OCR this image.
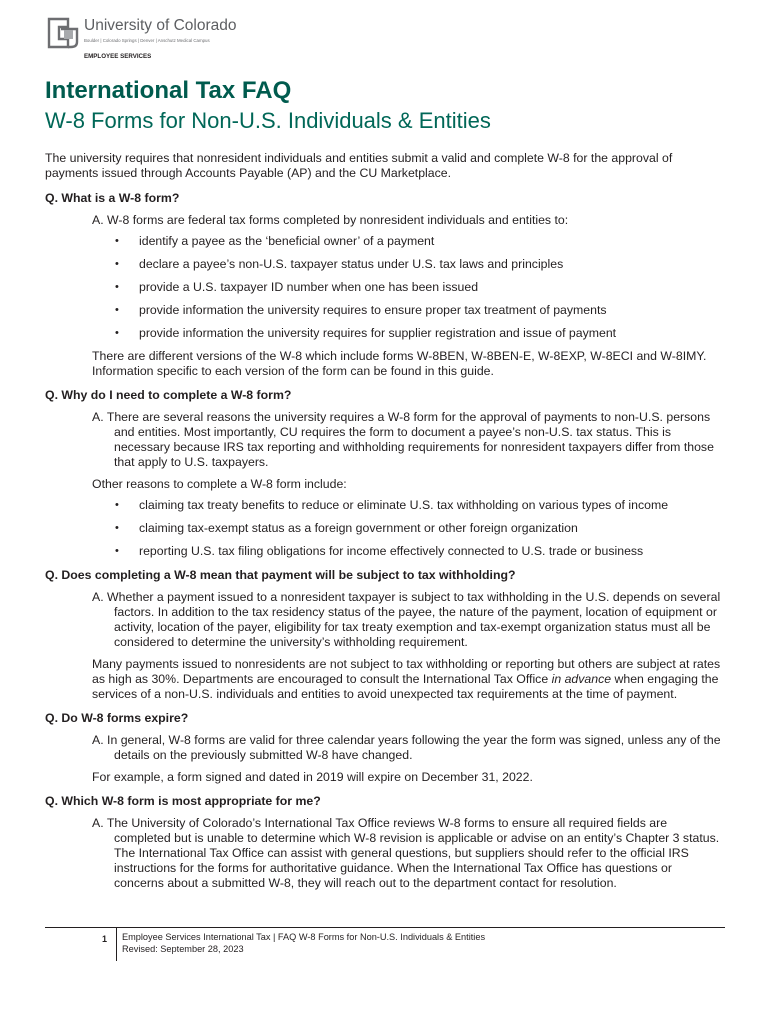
University of Colorado
Boulder | Colorado Springs | Denver | Anschutz Medical Campus
EMPLOYEE SERVICES
International Tax FAQ
W-8 Forms for Non-U.S. Individuals & Entities

The university requires that nonresident individuals and entities submit a valid and complete W-8 for the approval of payments issued through Accounts Payable (AP) and the CU Marketplace.

Q. What is a W-8 form?

A. W-8 forms are federal tax forms completed by nonresident individuals and entities to:

• identify a payee as the ‘beneficial owner’ of a payment
• declare a payee’s non-U.S. taxpayer status under U.S. tax laws and principles
• provide a U.S. taxpayer ID number when one has been issued
• provide information the university requires to ensure proper tax treatment of payments
• provide information the university requires for supplier registration and issue of payment

There are different versions of the W-8 which include forms W-8BEN, W-8BEN-E, W-8EXP, W-8ECI and W-8IMY. Information specific to each version of the form can be found in this guide.

Q. Why do I need to complete a W-8 form?

A. There are several reasons the university requires a W-8 form for the approval of payments to non-U.S. persons and entities. Most importantly, CU requires the form to document a payee’s non-U.S. tax status. This is necessary because IRS tax reporting and withholding requirements for nonresident taxpayers differ from those that apply to U.S. taxpayers.

Other reasons to complete a W-8 form include:

• claiming tax treaty benefits to reduce or eliminate U.S. tax withholding on various types of income
• claiming tax-exempt status as a foreign government or other foreign organization
• reporting U.S. tax filing obligations for income effectively connected to U.S. trade or business

Q. Does completing a W-8 mean that payment will be subject to tax withholding?

A. Whether a payment issued to a nonresident taxpayer is subject to tax withholding in the U.S. depends on several factors. In addition to the tax residency status of the payee, the nature of the payment, location of equipment or activity, location of the payer, eligibility for tax treaty exemption and tax-exempt organization status must all be considered to determine the university’s withholding requirement.

Many payments issued to nonresidents are not subject to tax withholding or reporting but others are subject at rates as high as 30%. Departments are encouraged to consult the International Tax Office in advance when engaging the services of a non-U.S. individuals and entities to avoid unexpected tax requirements at the time of payment.

Q. Do W-8 forms expire?

A. In general, W-8 forms are valid for three calendar years following the year the form was signed, unless any of the details on the previously submitted W-8 have changed.

For example, a form signed and dated in 2019 will expire on December 31, 2022.

Q. Which W-8 form is most appropriate for me?

A. The University of Colorado’s International Tax Office reviews W-8 forms to ensure all required fields are completed but is unable to determine which W-8 revision is applicable or advise on an entity’s Chapter 3 status. The International Tax Office can assist with general questions, but suppliers should refer to the official IRS instructions for the forms for authoritative guidance. When the International Tax Office has questions or concerns about a submitted W-8, they will reach out to the department contact for resolution.

1 Employee Services International Tax | FAQ W-8 Forms for Non-U.S. Individuals & Entities
Revised: September 28, 2023
